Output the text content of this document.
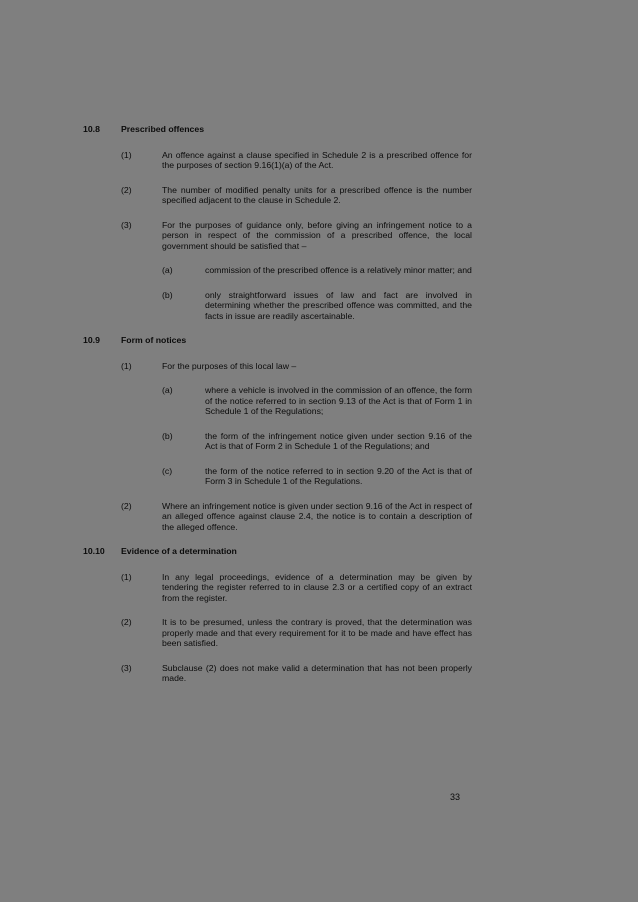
10.8	Prescribed offences
(1)	An offence against a clause specified in Schedule 2 is a prescribed offence for the purposes of section 9.16(1)(a) of the Act.
(2)	The number of modified penalty units for a prescribed offence is the number specified adjacent to the clause in Schedule 2.
(3)	For the purposes of guidance only, before giving an infringement notice to a person in respect of the commission of a prescribed offence, the local government should be satisfied that –
(a)	commission of the prescribed offence is a relatively minor matter; and
(b)	only straightforward issues of law and fact are involved in determining whether the prescribed offence was committed, and the facts in issue are readily ascertainable.
10.9	Form of notices
(1)	For the purposes of this local law –
(a)	where a vehicle is involved in the commission of an offence, the form of the notice referred to in section 9.13 of the Act is that of Form 1 in Schedule 1 of the Regulations;
(b)	the form of the infringement notice given under section 9.16 of the Act is that of Form 2 in Schedule 1 of the Regulations; and
(c)	the form of the notice referred to in section 9.20 of the Act is that of Form 3 in Schedule 1 of the Regulations.
(2)	Where an infringement notice is given under section 9.16 of the Act in respect of an alleged offence against clause 2.4, the notice is to contain a description of the alleged offence.
10.10	Evidence of a determination
(1)	In any legal proceedings, evidence of a determination may be given by tendering the register referred to in clause 2.3 or a certified copy of an extract from the register.
(2)	It is to be presumed, unless the contrary is proved, that the determination was properly made and that every requirement for it to be made and have effect has been satisfied.
(3)	Subclause (2) does not make valid a determination that has not been properly made.
33
